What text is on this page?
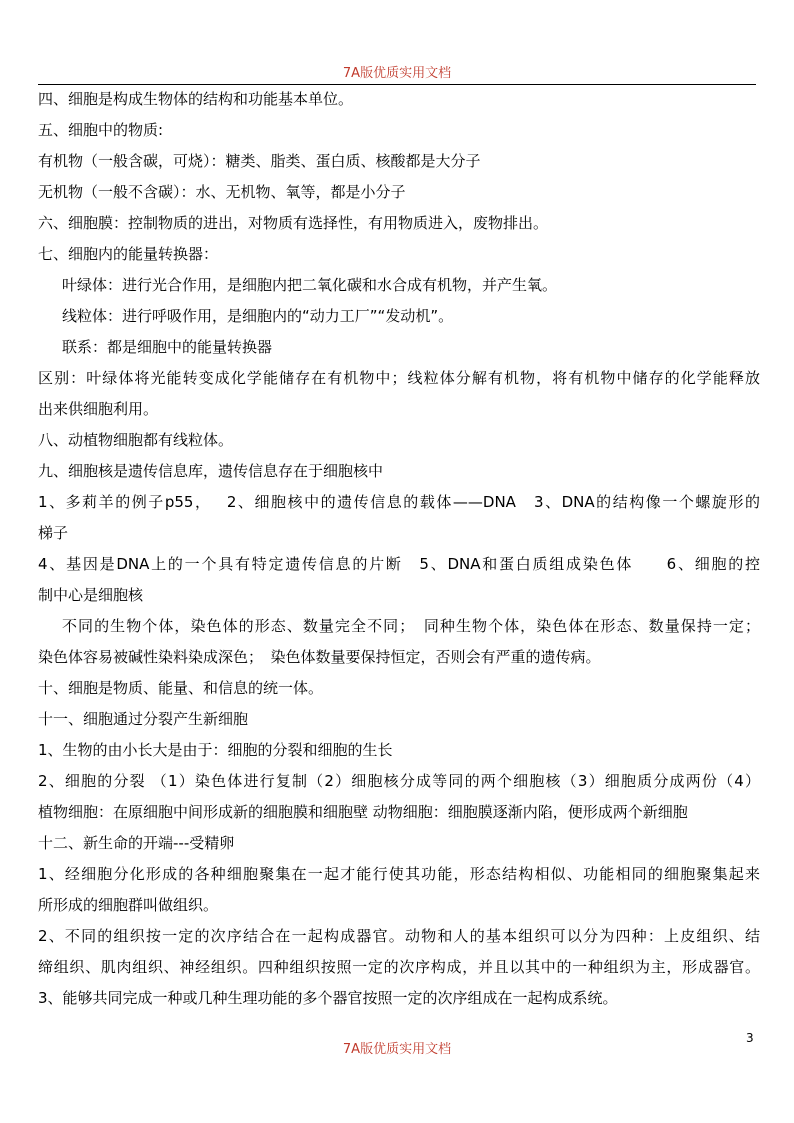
7A版优质实用文档
四、细胞是构成生物体的结构和功能基本单位。
五、细胞中的物质:
有机物（一般含碳，可烧）：糖类、脂类、蛋白质、核酸都是大分子
无机物（一般不含碳）：水、无机物、氧等，都是小分子
六、细胞膜：控制物质的进出，对物质有选择性，有用物质进入，废物排出。
七、细胞内的能量转换器：
叶绿体：进行光合作用，是细胞内把二氧化碳和水合成有机物，并产生氧。
线粒体：进行呼吸作用，是细胞内的“动力工厂”“发动机”。
联系：都是细胞中的能量转换器
区别：叶绿体将光能转变成化学能储存在有机物中；线粒体分解有机物，将有机物中储存的化学能释放
出来供细胞利用。
八、动植物细胞都有线粒体。
九、细胞核是遗传信息库，遗传信息存在于细胞核中
1、多莉羊的例子p55，　 2、细胞核中的遗传信息的载体——DNA　3、DNA的结构像一个螺旋形的
梯子
4、基因是DNA上的一个具有特定遗传信息的片断　5、DNA和蛋白质组成染色体　　6、细胞的控
制中心是细胞核
不同的生物个体，染色体的形态、数量完全不同；　同种生物个体，染色体在形态、数量保持一定；
染色体容易被碱性染料染成深色；　染色体数量要保持恒定，否则会有严重的遗传病。
十、细胞是物质、能量、和信息的统一体。
十一、细胞通过分裂产生新细胞
1、生物的由小长大是由于：细胞的分裂和细胞的生长
2、细胞的分裂 （1）染色体进行复制（2）细胞核分成等同的两个细胞核（3）细胞质分成两份（4）
植物细胞：在原细胞中间形成新的细胞膜和细胞壁 动物细胞：细胞膜逐渐内陷，便形成两个新细胞
十二、新生命的开端---受精卵
1、经细胞分化形成的各种细胞聚集在一起才能行使其功能，形态结构相似、功能相同的细胞聚集起来
所形成的细胞群叫做组织。
2、不同的组织按一定的次序结合在一起构成器官。动物和人的基本组织可以分为四种：上皮组织、结
缔组织、肌肉组织、神经组织。四种组织按照一定的次序构成，并且以其中的一种组织为主，形成器官。
3、能够共同完成一种或几种生理功能的多个器官按照一定的次序组成在一起构成系统。
3
7A版优质实用文档
